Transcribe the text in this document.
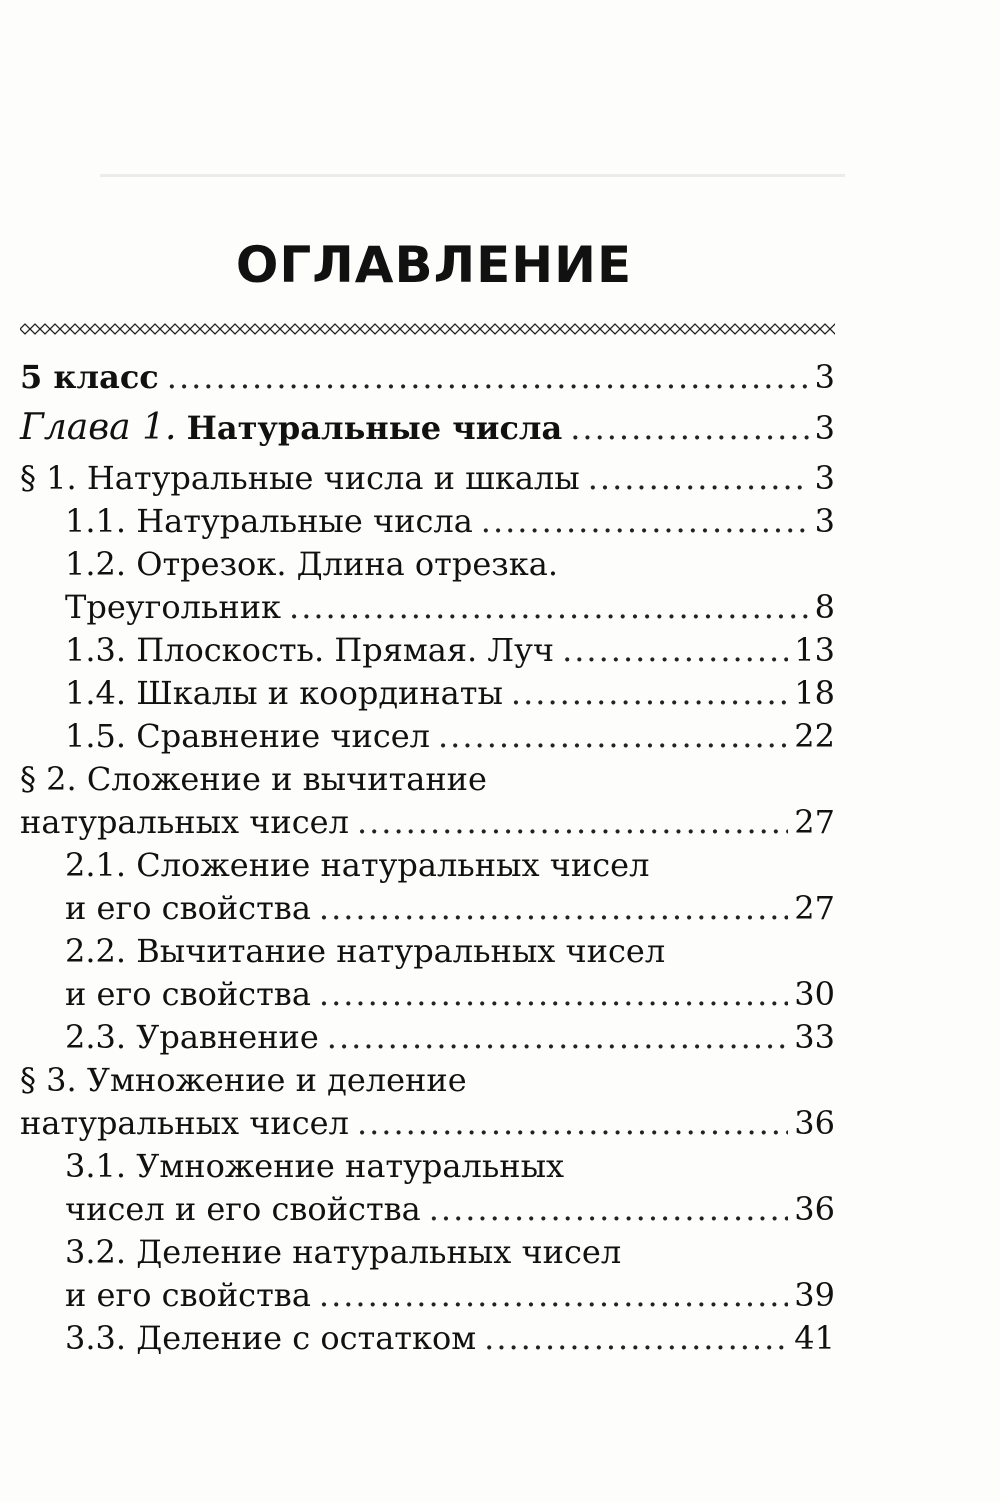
ОГЛАВЛЕНИЕ
5 класс .....	3
Глава 1. Натуральные числа .....	3
§ 1. Натуральные числа и шкалы .....	3
1.1. Натуральные числа .....	3
1.2. Отрезок. Длина отрезка.
Треугольник .....	8
1.3. Плоскость. Прямая. Луч .....	13
1.4. Шкалы и координаты .....	18
1.5. Сравнение чисел .....	22
§ 2. Сложение и вычитание
натуральных чисел .....	27
2.1. Сложение натуральных чисел
и его свойства .....	27
2.2. Вычитание натуральных чисел
и его свойства .....	30
2.3. Уравнение .....	33
§ 3. Умножение и деление
натуральных чисел .....	36
3.1. Умножение натуральных
чисел и его свойства .....	36
3.2. Деление натуральных чисел
и его свойства .....	39
3.3. Деление с остатком .....	41
